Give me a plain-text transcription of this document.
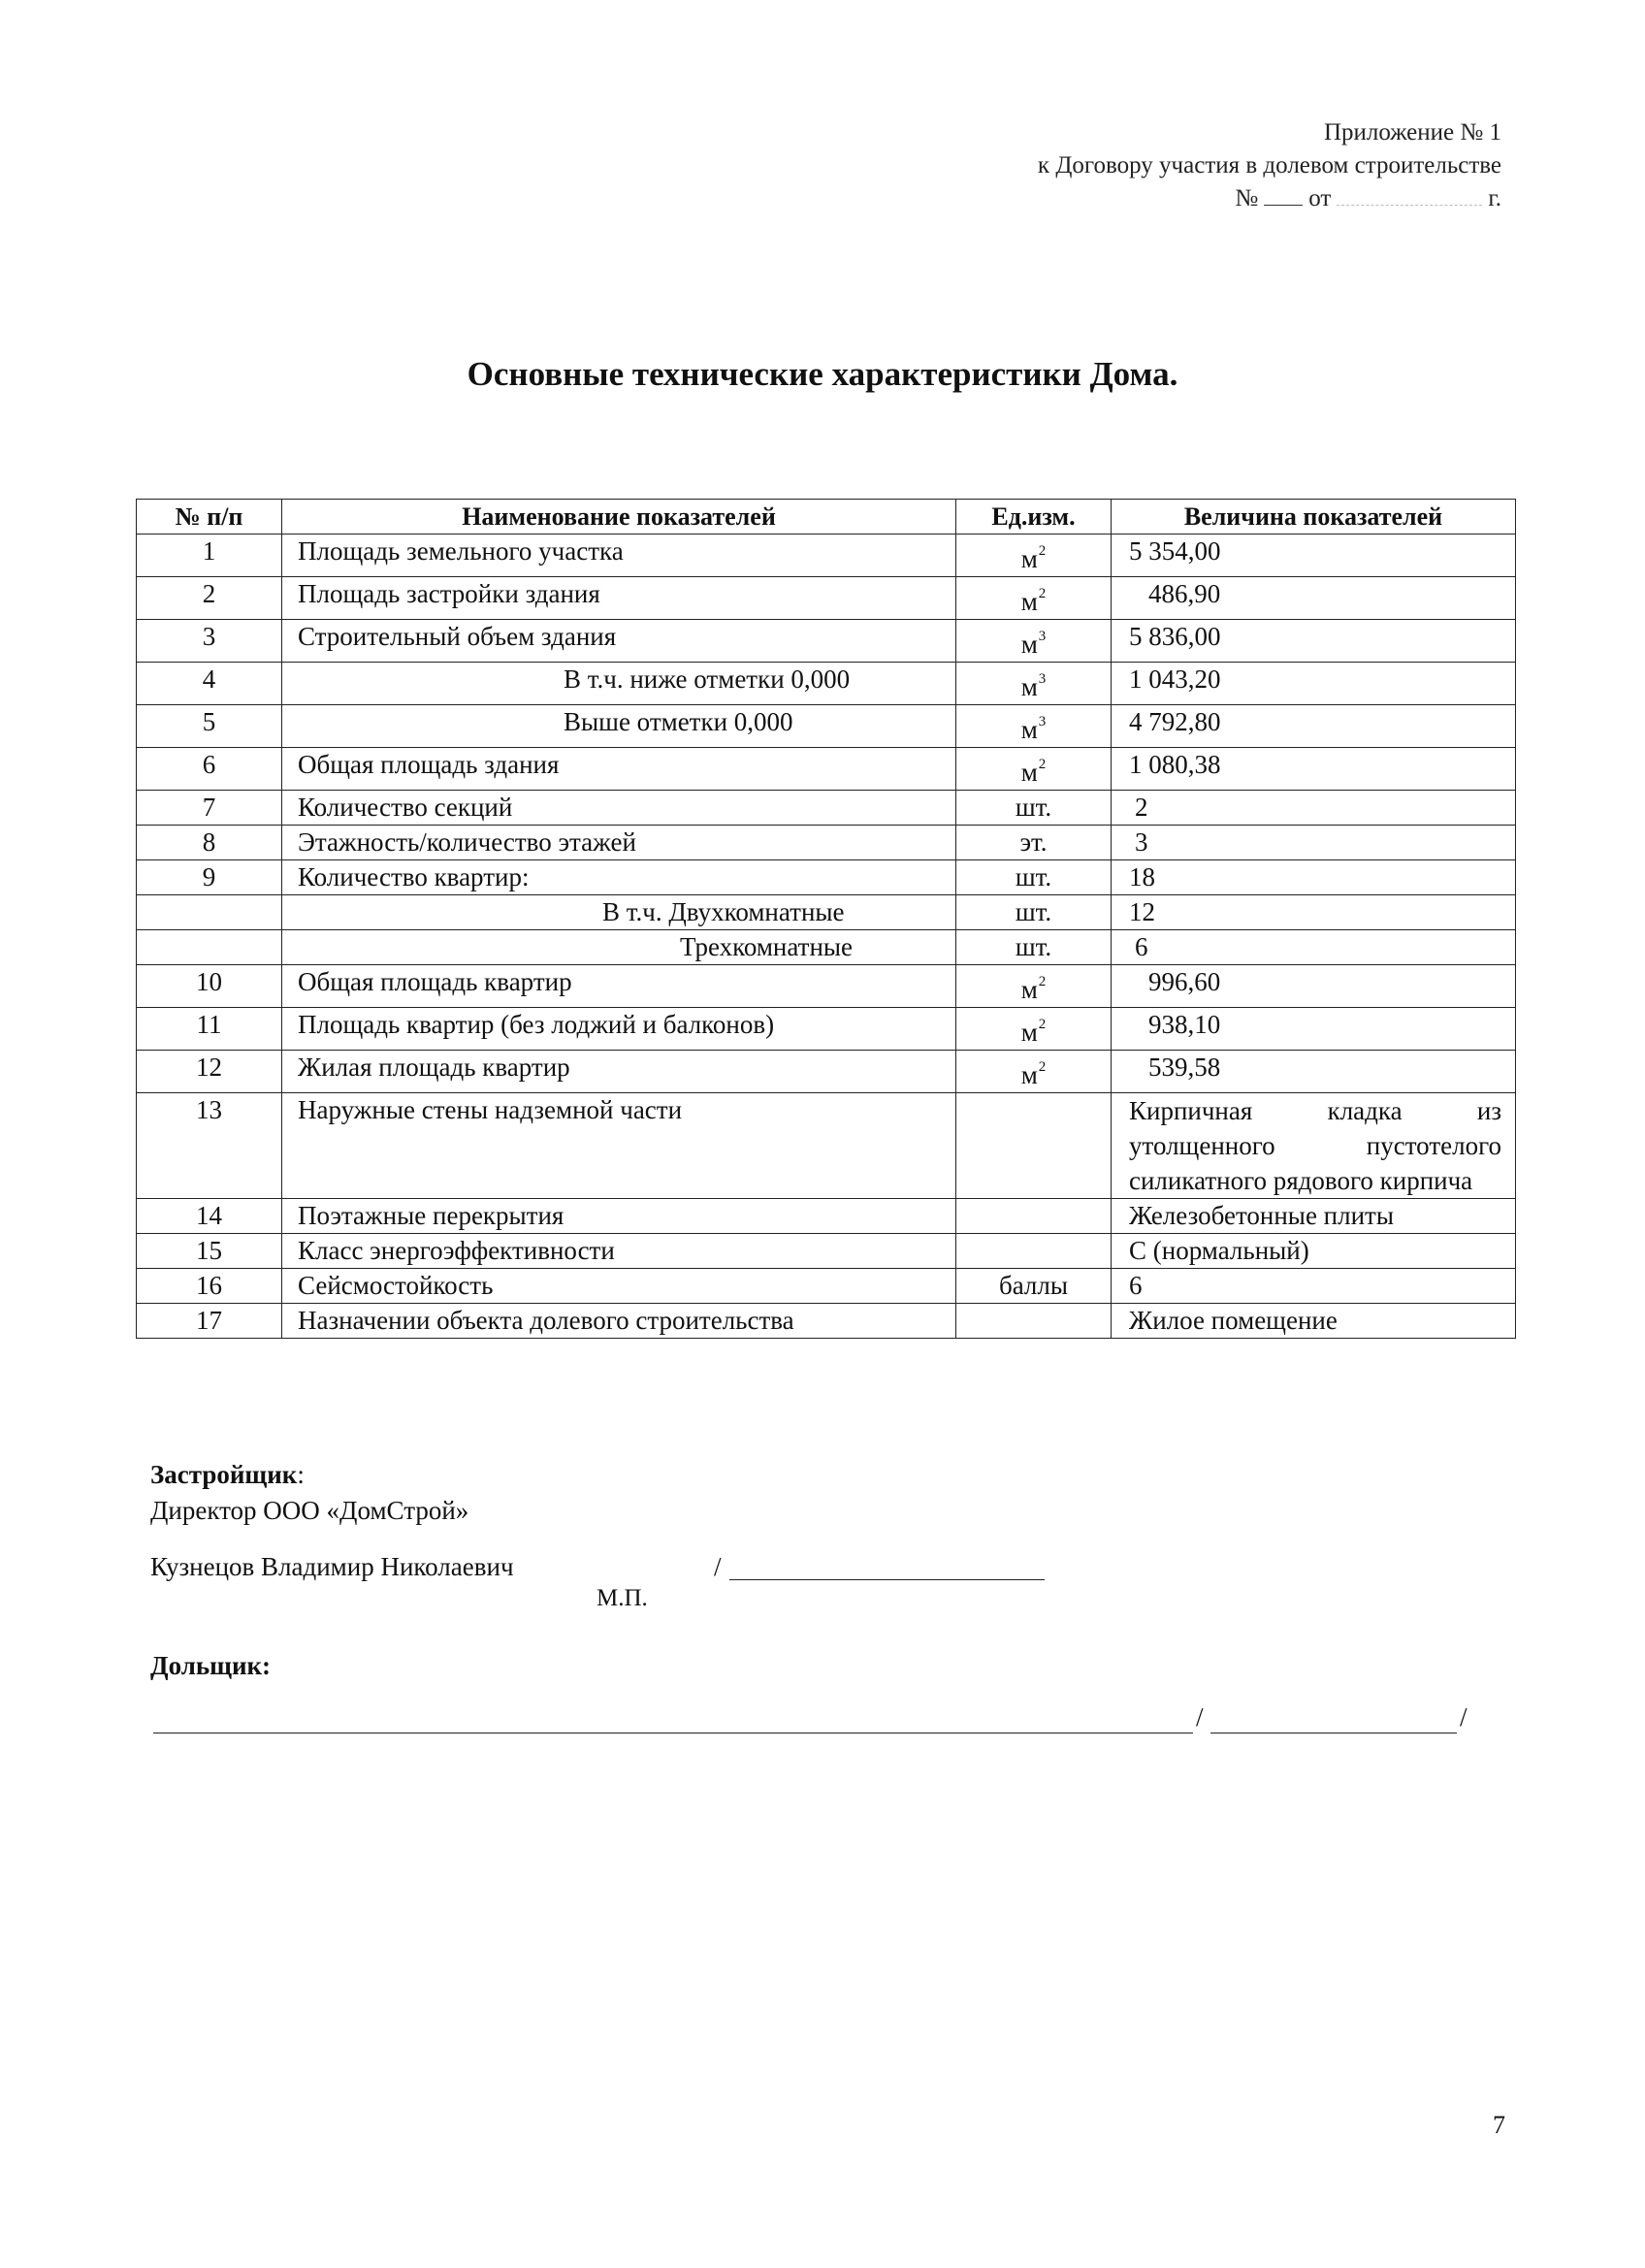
Приложение № 1
к Договору участия в долевом строительстве
№ от	г.
Основные технические характеристики Дома.
№ п/п	Наименование показателей	Ед.изм.	Величина показателей
1	Площадь земельного участка	$м^2$	5 354,00
2	Площадь застройки здания	$м^2$	486,90
3	Строительный объем здания	$м^3$	5 836,00
4	В т.ч. ниже отметки 0,000	$м^3$	1 043,20
5	Выше отметки 0,000	$м^3$	4 792,80
6	Общая площадь здания	$м^2$	1 080,38
7	Количество секций	шт.	2
8	Этажность/количество этажей	эт.	3
9	Количество квартир:	шт.	18
	В т.ч. Двухкомнатные	шт.	12
	Трехкомнатные	шт.	6
10	Общая площадь квартир	$м^2$	996,60
11	Площадь квартир (без лоджий и балконов)	$м^2$	938,10
12	Жилая площадь квартир	$м^2$	539,58
13	Наружные стены надземной части		Кирпичная кладка из утолщенного пустотелого силикатного рядового кирпича
14	Поэтажные перекрытия		Железобетонные плиты
15	Класс энергоэффективности		С (нормальный)
16	Сейсмостойкость	баллы	6
17	Назначении объекта долевого строительства		Жилое помещение
Застройщик:
Директор ООО «ДомСтрой»
Кузнецов Владимир Николаевич	/
М.П.
Дольщик:
/	/
7
